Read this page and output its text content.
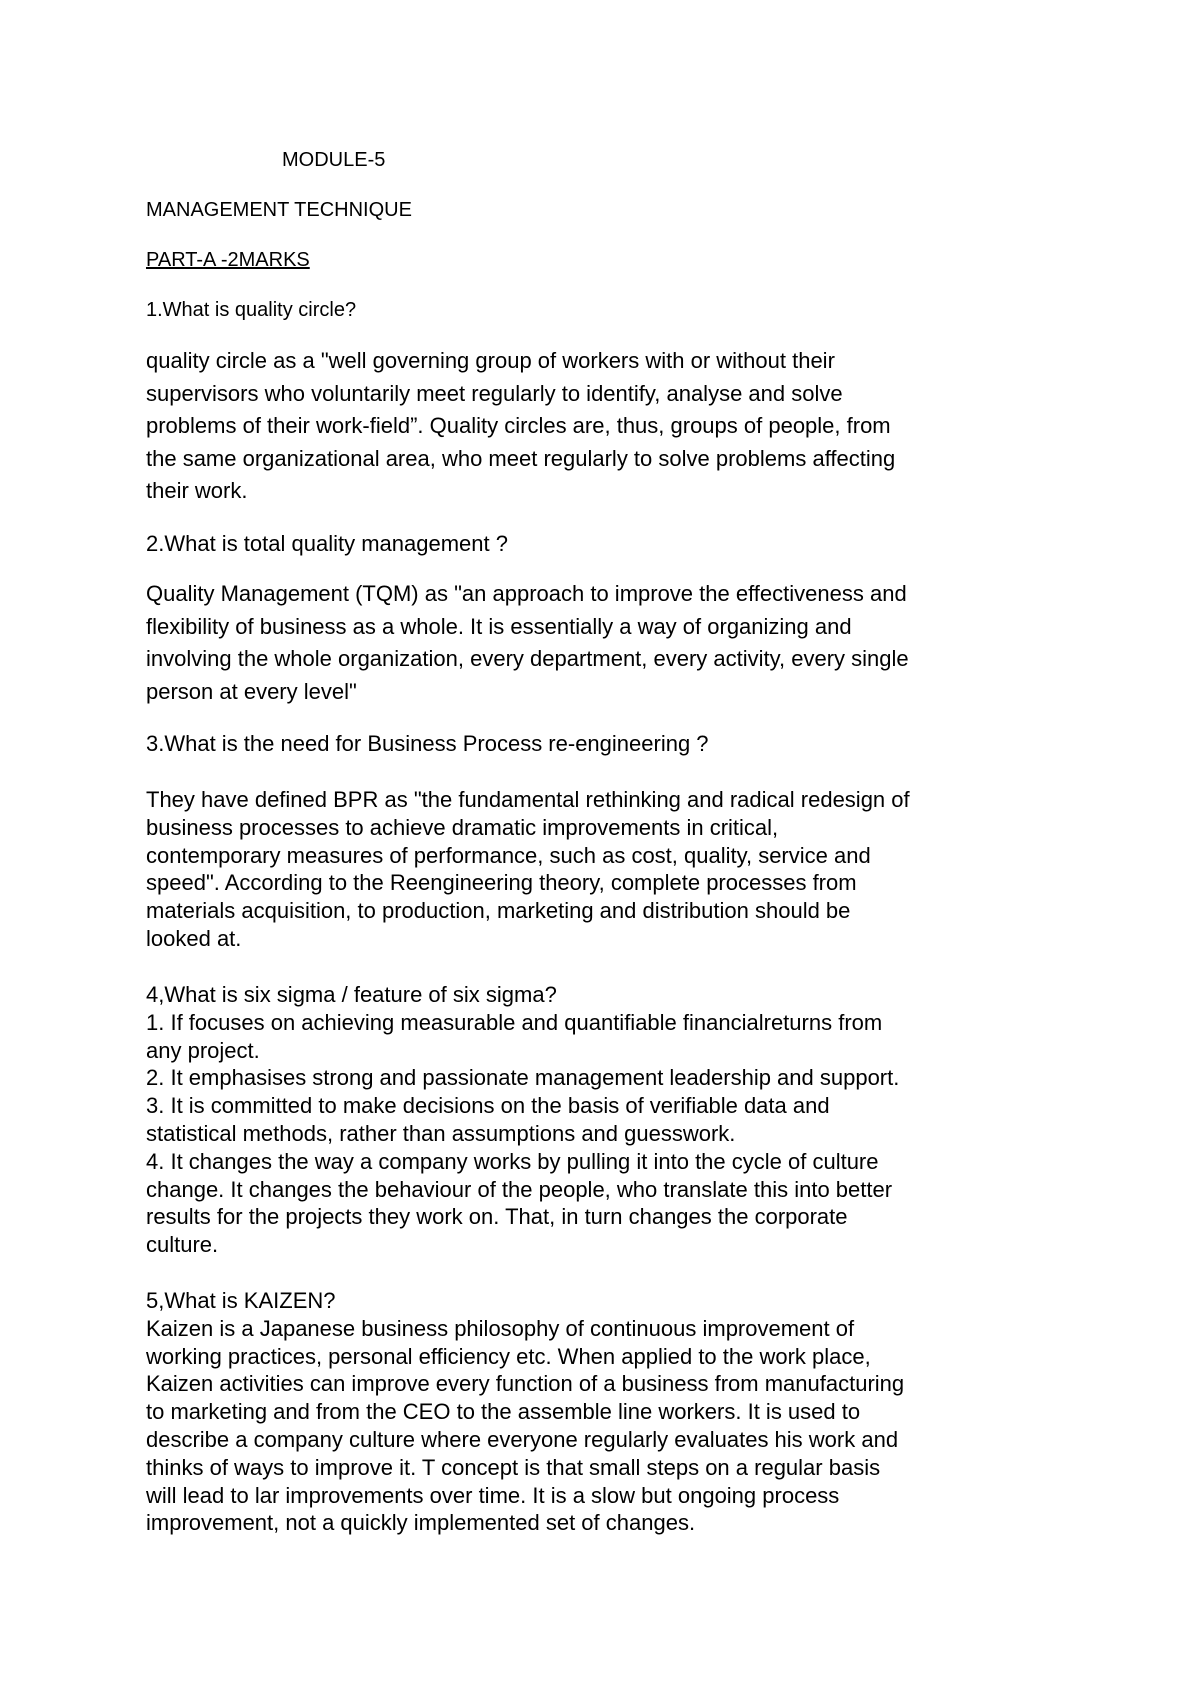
MODULE-5
MANAGEMENT TECHNIQUE
PART-A -2MARKS
1.What is quality circle?
quality circle as a "well governing group of workers with or without their
supervisors who voluntarily meet regularly to identify, analyse and solve
problems of their work-field”. Quality circles are, thus, groups of people, from
the same organizational area, who meet regularly to solve problems affecting
their work.
2.What is total quality management ?
Quality Management (TQM) as "an approach to improve the effectiveness and
flexibility of business as a whole. It is essentially a way of organizing and
involving the whole organization, every department, every activity, every single
person at every level"
3.What is the need for Business Process re-engineering ?
They have defined BPR as "the fundamental rethinking and radical redesign of
business processes to achieve dramatic improvements in critical,
contemporary measures of performance, such as cost, quality, service and
speed". According to the Reengineering theory, complete processes from
materials acquisition, to production, marketing and distribution should be
looked at.
4,What is six sigma / feature of six sigma?
1. If focuses on achieving measurable and quantifiable financialreturns from
any project.
2. It emphasises strong and passionate management leadership and support.
3. It is committed to make decisions on the basis of verifiable data and
statistical methods, rather than assumptions and guesswork.
4. It changes the way a company works by pulling it into the cycle of culture
change. It changes the behaviour of the people, who translate this into better
results for the projects they work on. That, in turn changes the corporate
culture.
5,What is KAIZEN?
Kaizen is a Japanese business philosophy of continuous improvement of
working practices, personal efficiency etc. When applied to the work place,
Kaizen activities can improve every function of a business from manufacturing
to marketing and from the CEO to the assemble line workers. It is used to
describe a company culture where everyone regularly evaluates his work and
thinks of ways to improve it. T concept is that small steps on a regular basis
will lead to lar improvements over time. It is a slow but ongoing process
improvement, not a quickly implemented set of changes.
